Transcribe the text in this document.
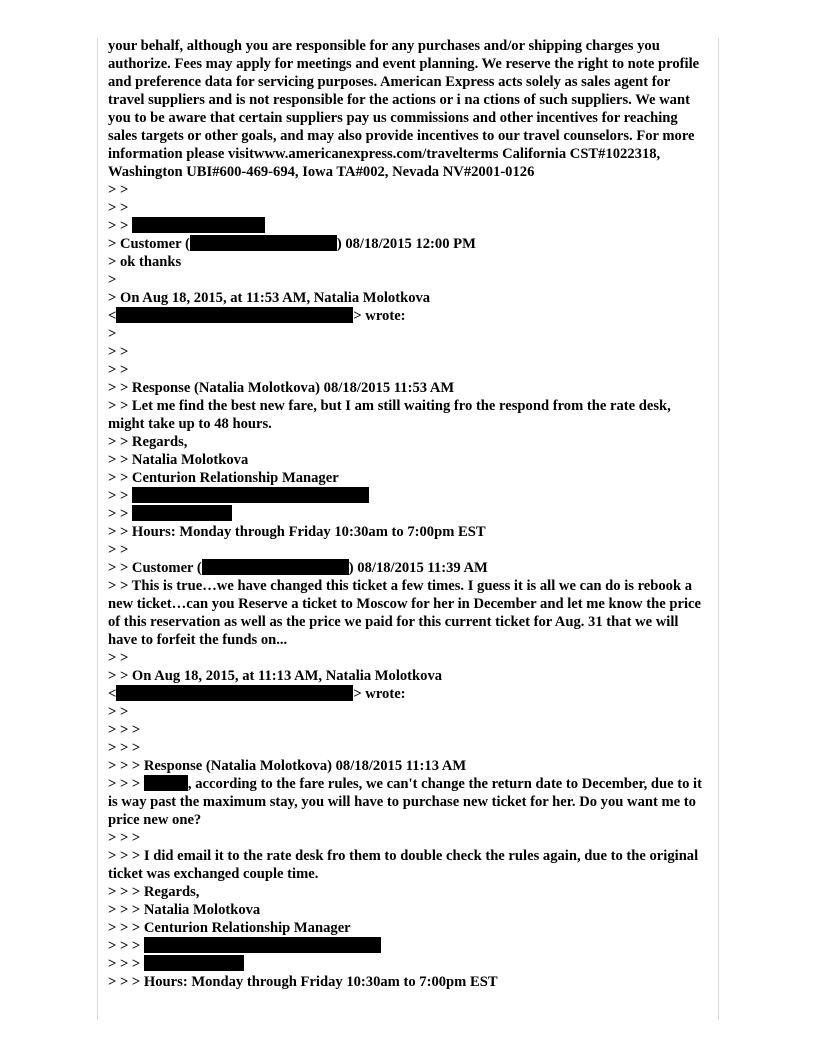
your behalf, although you are responsible for any purchases and/or shipping charges you authorize. Fees may apply for meetings and event planning. We reserve the right to note profile and preference data for servicing purposes. American Express acts solely as sales agent for travel suppliers and is not responsible for the actions or i na ctions of such suppliers. We want you to be aware that certain suppliers pay us commissions and other incentives for reaching sales targets or other goals, and may also provide incentives to our travel counselors. For more information please visitwww.americanexpress.com/travelterms California CST#1022318, Washington UBI#600-469-694, Iowa TA#002, Nevada NV#2001-0126

> >

> >

> >

> Customer (	) 08/18/2015 12:00 PM

> ok thanks

>

> On Aug 18, 2015, at 11:53 AM, Natalia Molotkova

<	> wrote:

>

> >

> >

> > Response (Natalia Molotkova) 08/18/2015 11:53 AM

> > Let me find the best new fare, but I am still waiting fro the respond from the rate desk, might take up to 48 hours.

> > Regards,

> > Natalia Molotkova

> > Centurion Relationship Manager

> >

> >

> > Hours: Monday through Friday 10:30am to 7:00pm EST

> >

> > Customer (	) 08/18/2015 11:39 AM

> > This is true…we have changed this ticket a few times. I guess it is all we can do is rebook a new ticket…can you Reserve a ticket to Moscow for her in December and let me know the price of this reservation as well as the price we paid for this current ticket for Aug. 31 that we will have to forfeit the funds on...

> >

> > On Aug 18, 2015, at 11:13 AM, Natalia Molotkova

<	> wrote:

> >

> > >

> > >

> > > Response (Natalia Molotkova) 08/18/2015 11:13 AM

> > >	, according to the fare rules, we can't change the return date to December, due to it is way past the maximum stay, you will have to purchase new ticket for her. Do you want me to price new one?

> > >

> > > I did email it to the rate desk fro them to double check the rules again, due to the original ticket was exchanged couple time.

> > > Regards,

> > > Natalia Molotkova

> > > Centurion Relationship Manager

> > >

> > >

> > > Hours: Monday through Friday 10:30am to 7:00pm EST
